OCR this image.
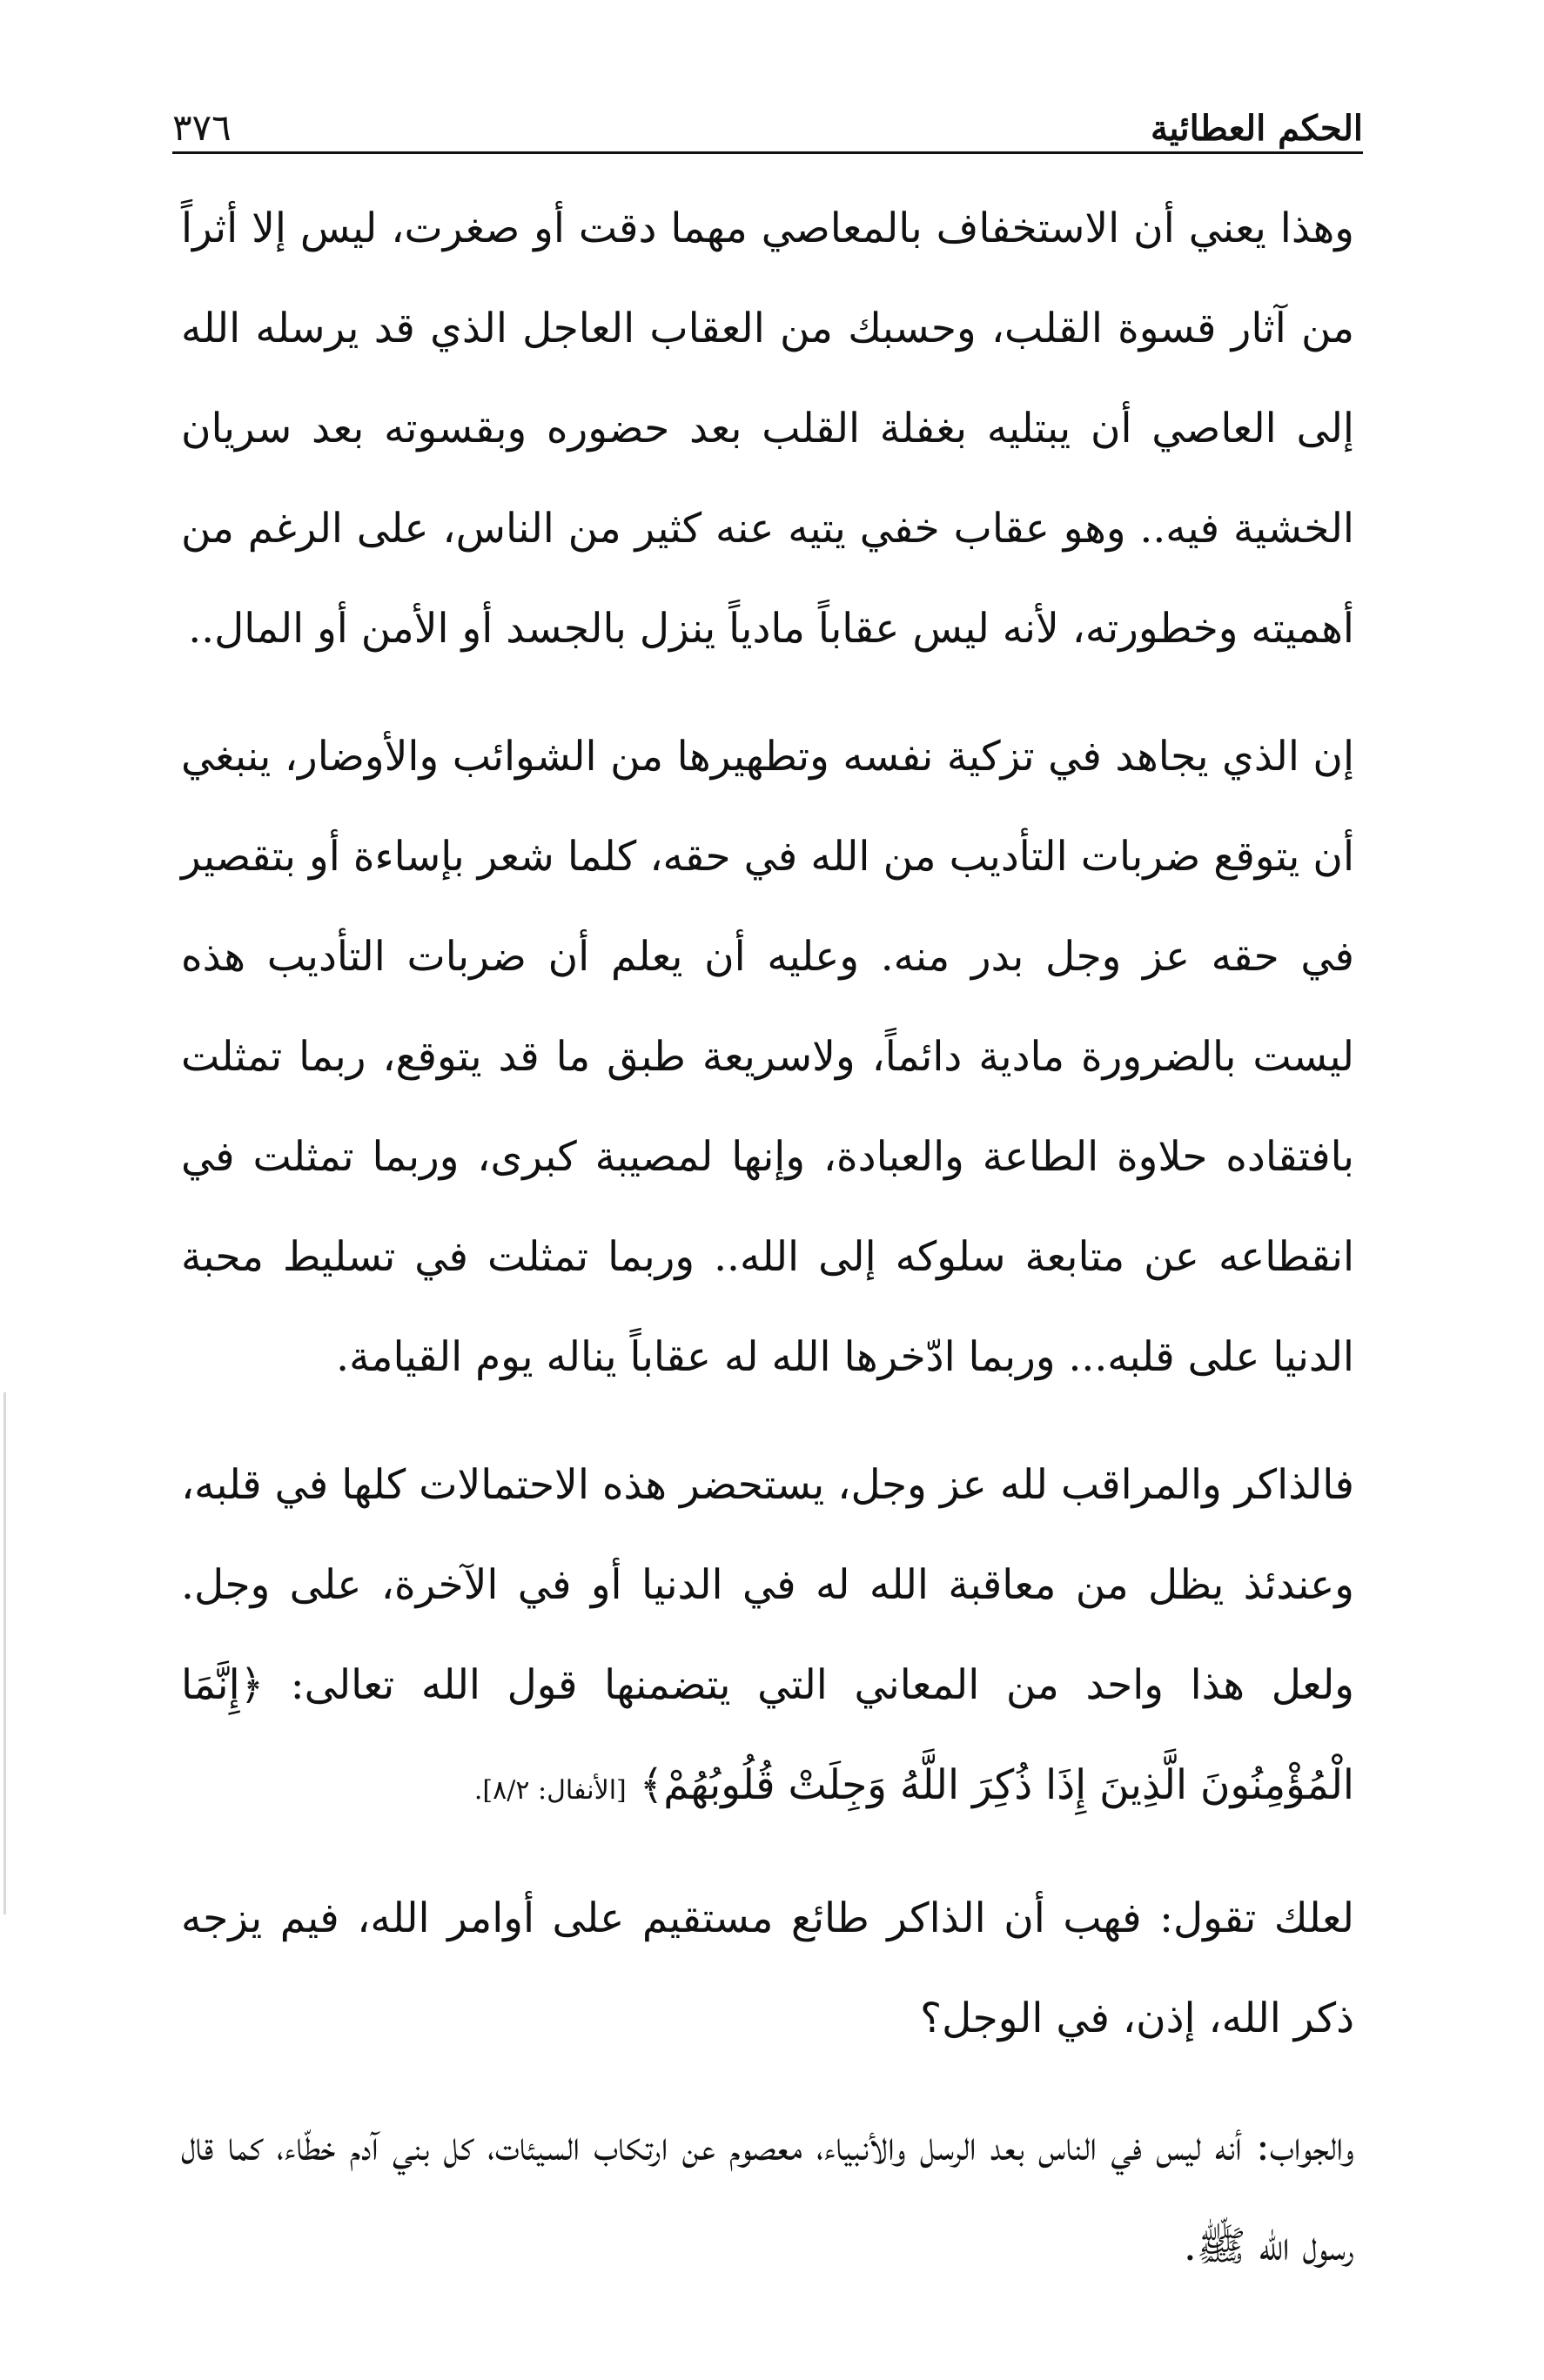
الحكم العطائية
٣٧٦

وهذا يعني أن الاستخفاف بالمعاصي مهما دقت أو صغرت، ليس إلا أثراً من آثار قسوة القلب، وحسبك من العقاب العاجل الذي قد يرسله الله إلى العاصي أن يبتليه بغفلة القلب بعد حضوره وبقسوته بعد سريان الخشية فيه.. وهو عقاب خفي يتيه عنه كثير من الناس، على الرغم من أهميته وخطورته، لأنه ليس عقاباً مادياً ينزل بالجسد أو الأمن أو المال..

إن الذي يجاهد في تزكية نفسه وتطهيرها من الشوائب والأوضار، ينبغي أن يتوقع ضربات التأديب من الله في حقه، كلما شعر بإساءة أو بتقصير في حقه عز وجل بدر منه. وعليه أن يعلم أن ضربات التأديب هذه ليست بالضرورة مادية دائماً، ولاسريعة طبق ما قد يتوقع، ربما تمثلت بافتقاده حلاوة الطاعة والعبادة، وإنها لمصيبة كبرى، وربما تمثلت في انقطاعه عن متابعة سلوكه إلى الله.. وربما تمثلت في تسليط محبة الدنيا على قلبه... وربما ادّخرها الله له عقاباً يناله يوم القيامة.

فالذاكر والمراقب لله عز وجل، يستحضر هذه الاحتمالات كلها في قلبه، وعندئذ يظل من معاقبة الله له في الدنيا أو في الآخرة، على وجل. ولعل هذا واحد من المعاني التي يتضمنها قول الله تعالى: ﴿إِنَّمَا الْمُؤْمِنُونَ الَّذِينَ إِذَا ذُكِرَ اللَّهُ وَجِلَتْ قُلُوبُهُمْ﴾ [الأنفال: ٨/٢].

لعلك تقول: فهب أن الذاكر طائع مستقيم على أوامر الله، فيم يزجه ذكر الله، إذن، في الوجل؟

والجواب: أنه ليس في الناس بعد الرسل والأنبياء، معصوم عن ارتكاب السيئات، كل بني آدم خطّاء، كما قال رسول الله ﷺ.
